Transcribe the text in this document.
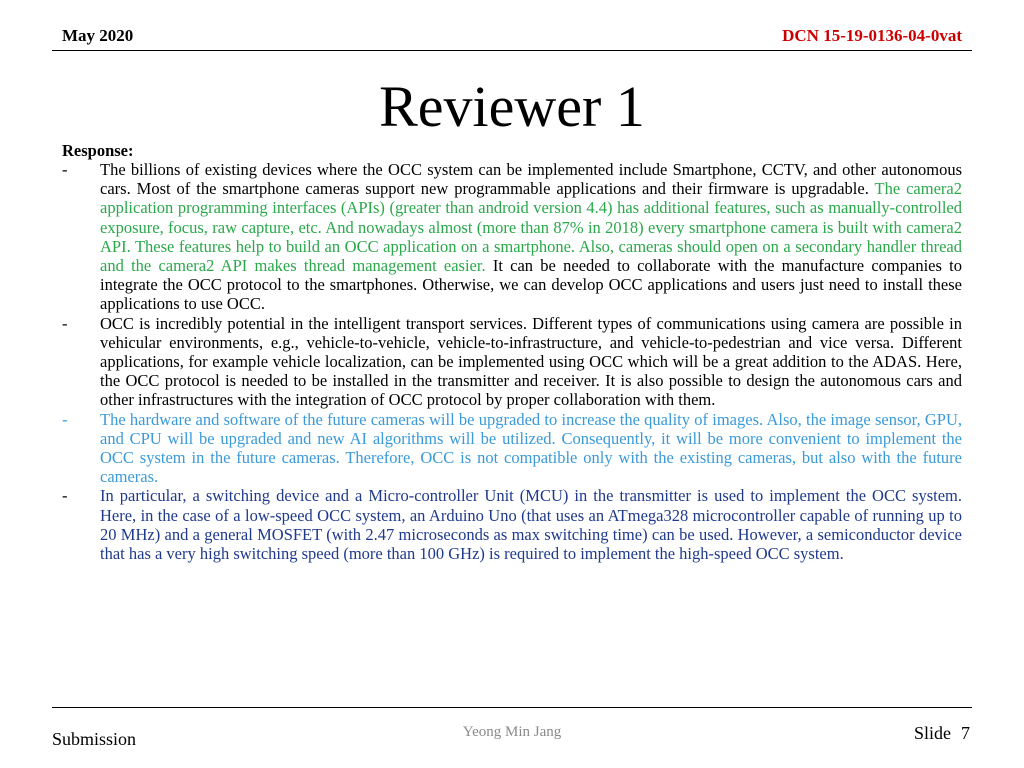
May 2020	DCN 15-19-0136-04-0vat
Reviewer 1
Response:
- The billions of existing devices where the OCC system can be implemented include Smartphone, CCTV, and other autonomous cars. Most of the smartphone cameras support new programmable applications and their firmware is upgradable. The camera2 application programming interfaces (APIs) (greater than android version 4.4) has additional features, such as manually-controlled exposure, focus, raw capture, etc. And nowadays almost (more than 87% in 2018) every smartphone camera is built with camera2 API. These features help to build an OCC application on a smartphone. Also, cameras should open on a secondary handler thread and the camera2 API makes thread management easier. It can be needed to collaborate with the manufacture companies to integrate the OCC protocol to the smartphones. Otherwise, we can develop OCC applications and users just need to install these applications to use OCC.
- OCC is incredibly potential in the intelligent transport services. Different types of communications using camera are possible in vehicular environments, e.g., vehicle-to-vehicle, vehicle-to-infrastructure, and vehicle-to-pedestrian and vice versa. Different applications, for example vehicle localization, can be implemented using OCC which will be a great addition to the ADAS. Here, the OCC protocol is needed to be installed in the transmitter and receiver. It is also possible to design the autonomous cars and other infrastructures with the integration of OCC protocol by proper collaboration with them.
- The hardware and software of the future cameras will be upgraded to increase the quality of images. Also, the image sensor, GPU, and CPU will be upgraded and new AI algorithms will be utilized. Consequently, it will be more convenient to implement the OCC system in the future cameras. Therefore, OCC is not compatible only with the existing cameras, but also with the future cameras.
- In particular, a switching device and a Micro-controller Unit (MCU) in the transmitter is used to implement the OCC system. Here, in the case of a low-speed OCC system, an Arduino Uno (that uses an ATmega328 microcontroller capable of running up to 20 MHz) and a general MOSFET (with 2.47 microseconds as max switching time) can be used. However, a semiconductor device that has a very high switching speed (more than 100 GHz) is required to implement the high-speed OCC system.
Submission	Yeong Min Jang	Slide 7
